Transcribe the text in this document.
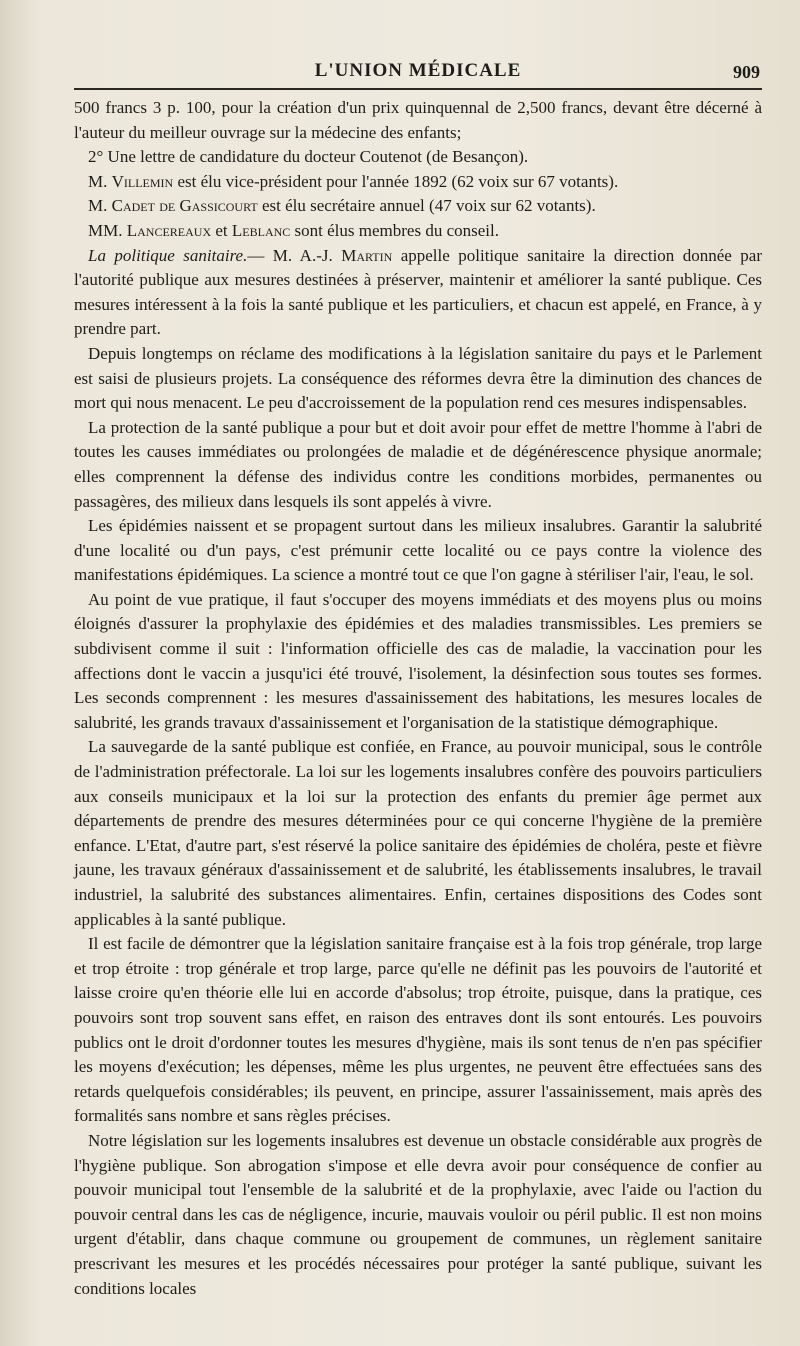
L'UNION MÉDICALE	909

500 francs 3 p. 100, pour la création d'un prix quinquennal de 2,500 francs, devant être décerné à l'auteur du meilleur ouvrage sur la médecine des enfants;

2° Une lettre de candidature du docteur Coutenot (de Besançon).

M. Villemin est élu vice-président pour l'année 1892 (62 voix sur 67 votants).

M. Cadet de Gassicourt est élu secrétaire annuel (47 voix sur 62 votants).

MM. Lancereaux et Leblanc sont élus membres du conseil.

La politique sanitaire.— M. A.-J. Martin appelle politique sanitaire la direction donnée par l'autorité publique aux mesures destinées à préserver, maintenir et améliorer la santé publique. Ces mesures intéressent à la fois la santé publique et les particuliers, et chacun est appelé, en France, à y prendre part.

Depuis longtemps on réclame des modifications à la législation sanitaire du pays et le Parlement est saisi de plusieurs projets. La conséquence des réformes devra être la diminution des chances de mort qui nous menacent. Le peu d'accroissement de la population rend ces mesures indispensables.

La protection de la santé publique a pour but et doit avoir pour effet de mettre l'homme à l'abri de toutes les causes immédiates ou prolongées de maladie et de dégénérescence physique anormale; elles comprennent la défense des individus contre les conditions morbides, permanentes ou passagères, des milieux dans lesquels ils sont appelés à vivre.

Les épidémies naissent et se propagent surtout dans les milieux insalubres. Garantir la salubrité d'une localité ou d'un pays, c'est prémunir cette localité ou ce pays contre la violence des manifestations épidémiques. La science a montré tout ce que l'on gagne à stériliser l'air, l'eau, le sol.

Au point de vue pratique, il faut s'occuper des moyens immédiats et des moyens plus ou moins éloignés d'assurer la prophylaxie des épidémies et des maladies transmissibles. Les premiers se subdivisent comme il suit : l'information officielle des cas de maladie, la vaccination pour les affections dont le vaccin a jusqu'ici été trouvé, l'isolement, la désinfection sous toutes ses formes. Les seconds comprennent : les mesures d'assainissement des habitations, les mesures locales de salubrité, les grands travaux d'assainissement et l'organisation de la statistique démographique.

La sauvegarde de la santé publique est confiée, en France, au pouvoir municipal, sous le contrôle de l'administration préfectorale. La loi sur les logements insalubres confère des pouvoirs particuliers aux conseils municipaux et la loi sur la protection des enfants du premier âge permet aux départements de prendre des mesures déterminées pour ce qui concerne l'hygiène de la première enfance. L'Etat, d'autre part, s'est réservé la police sanitaire des épidémies de choléra, peste et fièvre jaune, les travaux généraux d'assainissement et de salubrité, les établissements insalubres, le travail industriel, la salubrité des substances alimentaires. Enfin, certaines dispositions des Codes sont applicables à la santé publique.

Il est facile de démontrer que la législation sanitaire française est à la fois trop générale, trop large et trop étroite : trop générale et trop large, parce qu'elle ne définit pas les pouvoirs de l'autorité et laisse croire qu'en théorie elle lui en accorde d'absolus; trop étroite, puisque, dans la pratique, ces pouvoirs sont trop souvent sans effet, en raison des entraves dont ils sont entourés. Les pouvoirs publics ont le droit d'ordonner toutes les mesures d'hygiène, mais ils sont tenus de n'en pas spécifier les moyens d'exécution; les dépenses, même les plus urgentes, ne peuvent être effectuées sans des retards quelquefois considérables; ils peuvent, en principe, assurer l'assainissement, mais après des formalités sans nombre et sans règles précises.

Notre législation sur les logements insalubres est devenue un obstacle considérable aux progrès de l'hygiène publique. Son abrogation s'impose et elle devra avoir pour conséquence de confier au pouvoir municipal tout l'ensemble de la salubrité et de la prophylaxie, avec l'aide ou l'action du pouvoir central dans les cas de négligence, incurie, mauvais vouloir ou péril public. Il est non moins urgent d'établir, dans chaque commune ou groupement de communes, un règlement sanitaire prescrivant les mesures et les procédés nécessaires pour protéger la santé publique, suivant les conditions locales
